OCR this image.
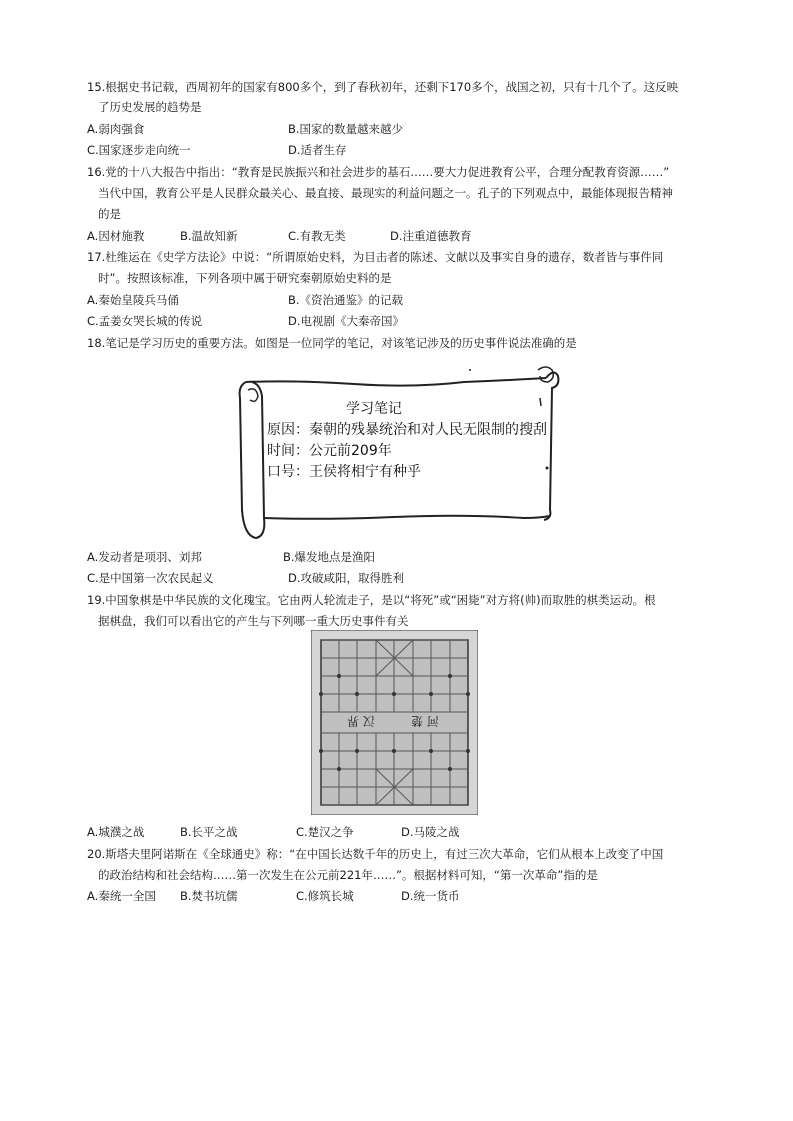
15.根据史书记载，西周初年的国家有800多个，到了春秋初年，还剩下170多个，战国之初，只有十几个了。这反映
了历史发展的趋势是
A.弱肉强食	B.国家的数量越来越少
C.国家逐步走向统一	D.适者生存
16.党的十八大报告中指出：“教育是民族振兴和社会进步的基石……要大力促进教育公平，合理分配教育资源……”
当代中国，教育公平是人民群众最关心、最直接、最现实的利益问题之一。孔子的下列观点中，最能体现报告精神
的是
A.因材施教	B.温故知新	C.有教无类	D.注重道德教育
17.杜维运在《史学方法论》中说：“所谓原始史料，为目击者的陈述、文献以及事实自身的遗存，数者皆与事件同
时”。按照该标准，下列各项中属于研究秦朝原始史料的是
A.秦始皇陵兵马俑	B.《资治通鉴》的记载
C.孟姜女哭长城的传说	D.电视剧《大秦帝国》
18.笔记是学习历史的重要方法。如图是一位同学的笔记，对该笔记涉及的历史事件说法准确的是
学习笔记
原因：秦朝的残暴统治和对人民无限制的搜刮
时间：公元前209年
口号：王侯将相宁有种乎
A.发动者是项羽、刘邦	B.爆发地点是渔阳
C.是中国第一次农民起义	D.攻破咸阳，取得胜利
19.中国象棋是中华民族的文化瑰宝。它由两人轮流走子，是以“将死”或“困毙”对方将(帅)而取胜的棋类运动。根
据棋盘，我们可以看出它的产生与下列哪一重大历史事件有关
汉 界	河 楚
A.城濮之战	B.长平之战	C.楚汉之争	D.马陵之战
20.斯塔夫里阿诺斯在《全球通史》称：“在中国长达数千年的历史上，有过三次大革命，它们从根本上改变了中国
的政治结构和社会结构……第一次发生在公元前221年……”。根据材料可知，“第一次革命”指的是
A.秦统一全国 B.焚书坑儒	C.修筑长城	D.统一货币
